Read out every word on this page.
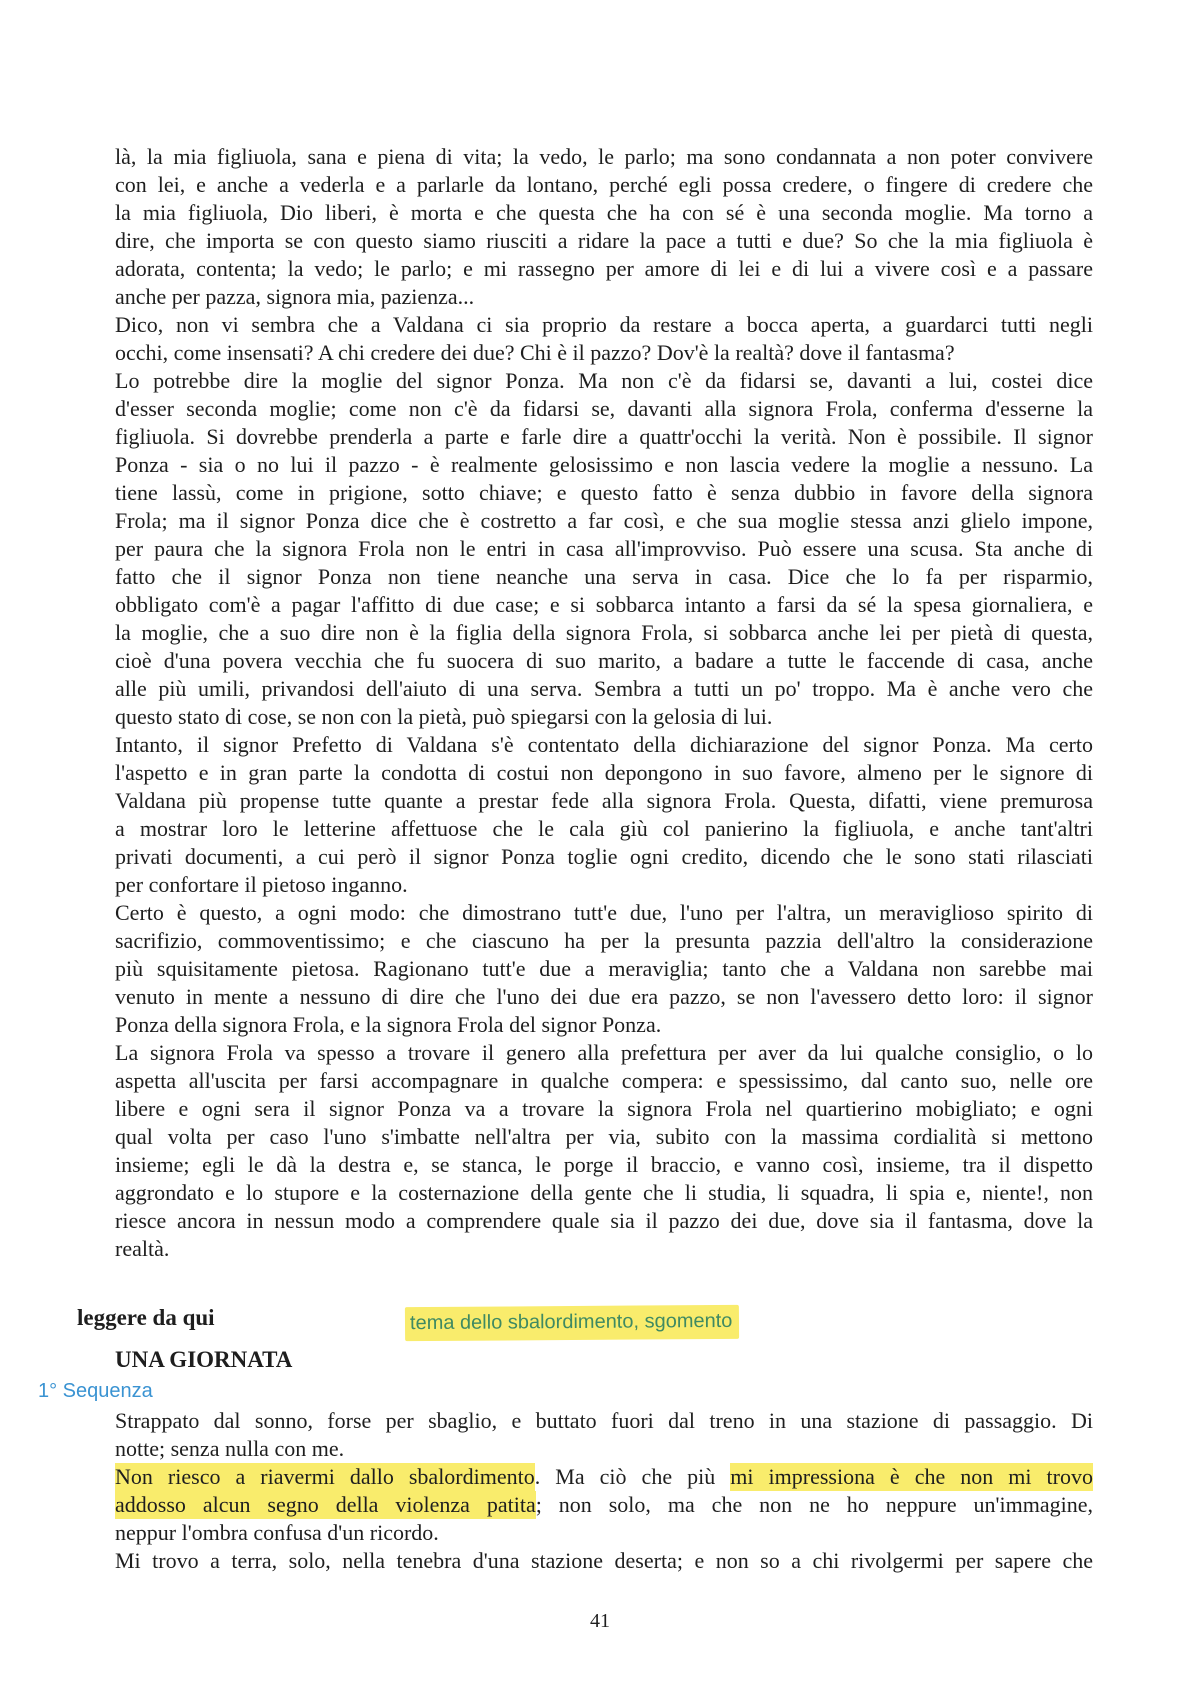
là, la mia figliuola, sana e piena di vita; la vedo, le parlo; ma sono condannata a non poter convivere
con lei, e anche a vederla e a parlarle da lontano, perché egli possa credere, o fingere di credere che
la mia figliuola, Dio liberi, è morta e che questa che ha con sé è una seconda moglie. Ma torno a
dire, che importa se con questo siamo riusciti a ridare la pace a tutti e due? So che la mia figliuola è
adorata, contenta; la vedo; le parlo; e mi rassegno per amore di lei e di lui a vivere così e a passare
anche per pazza, signora mia, pazienza...
Dico, non vi sembra che a Valdana ci sia proprio da restare a bocca aperta, a guardarci tutti negli
occhi, come insensati? A chi credere dei due? Chi è il pazzo? Dov'è la realtà? dove il fantasma?
Lo potrebbe dire la moglie del signor Ponza. Ma non c'è da fidarsi se, davanti a lui, costei dice
d'esser seconda moglie; come non c'è da fidarsi se, davanti alla signora Frola, conferma d'esserne la
figliuola. Si dovrebbe prenderla a parte e farle dire a quattr'occhi la verità. Non è possibile. Il signor
Ponza - sia o no lui il pazzo - è realmente gelosissimo e non lascia vedere la moglie a nessuno. La
tiene lassù, come in prigione, sotto chiave; e questo fatto è senza dubbio in favore della signora
Frola; ma il signor Ponza dice che è costretto a far così, e che sua moglie stessa anzi glielo impone,
per paura che la signora Frola non le entri in casa all'improvviso. Può essere una scusa. Sta anche di
fatto che il signor Ponza non tiene neanche una serva in casa. Dice che lo fa per risparmio,
obbligato com'è a pagar l'affitto di due case; e si sobbarca intanto a farsi da sé la spesa giornaliera, e
la moglie, che a suo dire non è la figlia della signora Frola, si sobbarca anche lei per pietà di questa,
cioè d'una povera vecchia che fu suocera di suo marito, a badare a tutte le faccende di casa, anche
alle più umili, privandosi dell'aiuto di una serva. Sembra a tutti un po' troppo. Ma è anche vero che
questo stato di cose, se non con la pietà, può spiegarsi con la gelosia di lui.
Intanto, il signor Prefetto di Valdana s'è contentato della dichiarazione del signor Ponza. Ma certo
l'aspetto e in gran parte la condotta di costui non depongono in suo favore, almeno per le signore di
Valdana più propense tutte quante a prestar fede alla signora Frola. Questa, difatti, viene premurosa
a mostrar loro le letterine affettuose che le cala giù col panierino la figliuola, e anche tant'altri
privati documenti, a cui però il signor Ponza toglie ogni credito, dicendo che le sono stati rilasciati
per confortare il pietoso inganno.
Certo è questo, a ogni modo: che dimostrano tutt'e due, l'uno per l'altra, un meraviglioso spirito di
sacrifizio, commoventissimo; e che ciascuno ha per la presunta pazzia dell'altro la considerazione
più squisitamente pietosa. Ragionano tutt'e due a meraviglia; tanto che a Valdana non sarebbe mai
venuto in mente a nessuno di dire che l'uno dei due era pazzo, se non l'avessero detto loro: il signor
Ponza della signora Frola, e la signora Frola del signor Ponza.
La signora Frola va spesso a trovare il genero alla prefettura per aver da lui qualche consiglio, o lo
aspetta all'uscita per farsi accompagnare in qualche compera: e spessissimo, dal canto suo, nelle ore
libere e ogni sera il signor Ponza va a trovare la signora Frola nel quartierino mobigliato; e ogni
qual volta per caso l'uno s'imbatte nell'altra per via, subito con la massima cordialità si mettono
insieme; egli le dà la destra e, se stanca, le porge il braccio, e vanno così, insieme, tra il dispetto
aggrondato e lo stupore e la costernazione della gente che li studia, li squadra, li spia e, niente!, non
riesce ancora in nessun modo a comprendere quale sia il pazzo dei due, dove sia il fantasma, dove la
realtà.
leggere da qui	tema dello sbalordimento, sgomento
UNA GIORNATA
1° Sequenza
Strappato dal sonno, forse per sbaglio, e buttato fuori dal treno in una stazione di passaggio. Di
notte; senza nulla con me.
Non riesco a riavermi dallo sbalordimento. Ma ciò che più mi impressiona è che non mi trovo
addosso alcun segno della violenza patita; non solo, ma che non ne ho neppure un'immagine,
neppur l'ombra confusa d'un ricordo.
Mi trovo a terra, solo, nella tenebra d'una stazione deserta; e non so a chi rivolgermi per sapere che
41
